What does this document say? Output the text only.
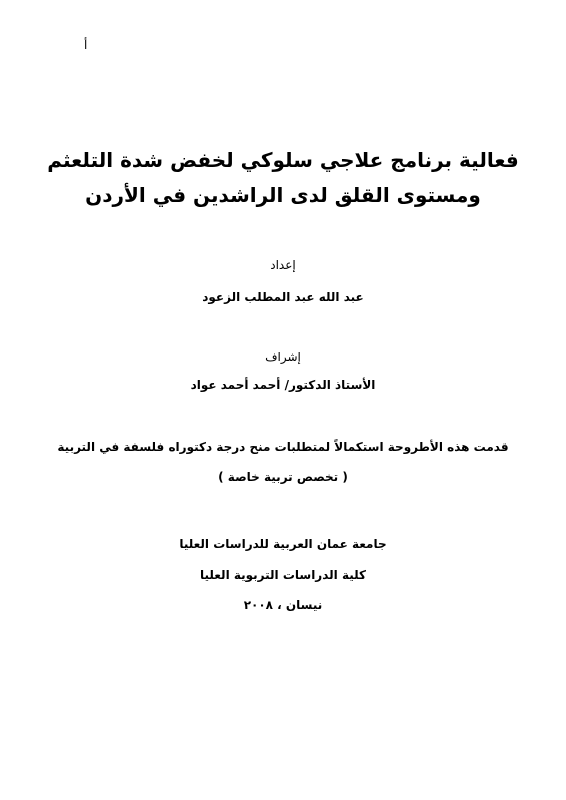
أ
فعالية برنامج علاجي سلوكي لخفض شدة التلعثم
ومستوى القلق لدى الراشدين في الأردن
إعداد
عبد الله عبد المطلب الزعود
إشراف
الأستاذ الدكتور/ أحمد أحمد عواد
قدمت هذه الأطروحة استكمالاً لمتطلبات منح درجة دكتوراه فلسفة في التربية
( تخصص تربية خاصة )
جامعة عمان العربية للدراسات العليا
كلية الدراسات التربوية العليا
نيسان ، ٢٠٠٨
